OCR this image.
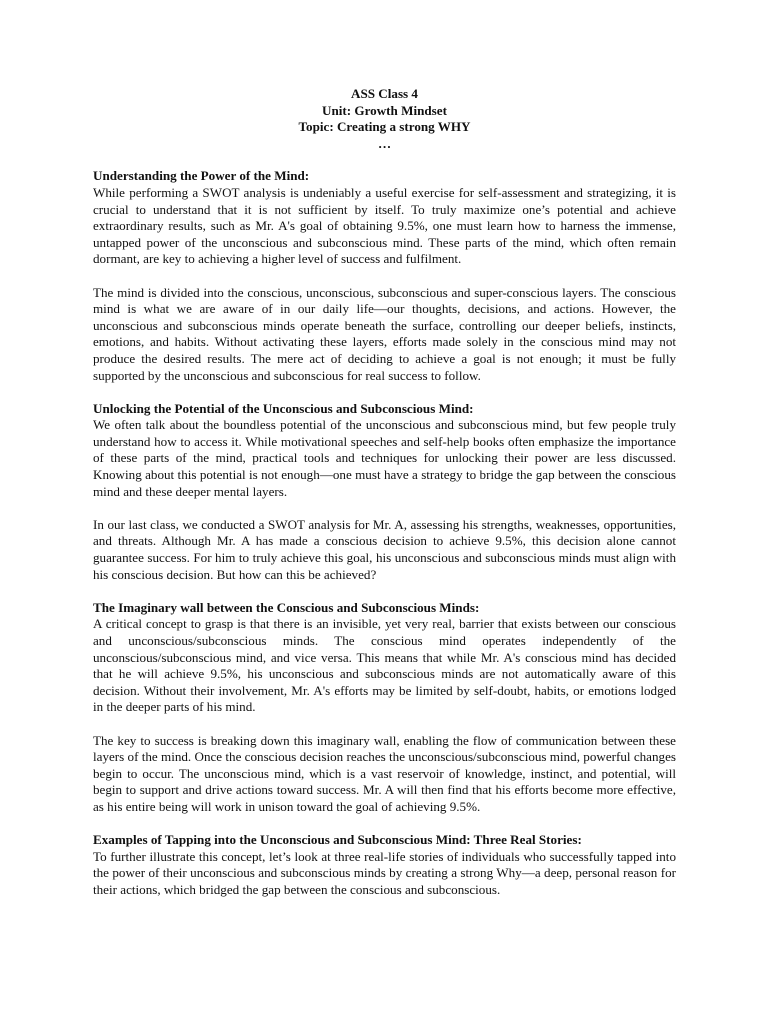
ASS Class 4
Unit: Growth Mindset
Topic: Creating a strong WHY
…
Understanding the Power of the Mind:

While performing a SWOT analysis is undeniably a useful exercise for self-assessment and strategizing, it is crucial to understand that it is not sufficient by itself. To truly maximize one’s potential and achieve extraordinary results, such as Mr. A's goal of obtaining 9.5%, one must learn how to harness the immense, untapped power of the unconscious and subconscious mind. These parts of the mind, which often remain dormant, are key to achieving a higher level of success and fulfilment.

The mind is divided into the conscious, unconscious, subconscious and super-conscious layers. The conscious mind is what we are aware of in our daily life—our thoughts, decisions, and actions. However, the unconscious and subconscious minds operate beneath the surface, controlling our deeper beliefs, instincts, emotions, and habits. Without activating these layers, efforts made solely in the conscious mind may not produce the desired results. The mere act of deciding to achieve a goal is not enough; it must be fully supported by the unconscious and subconscious for real success to follow.

Unlocking the Potential of the Unconscious and Subconscious Mind:

We often talk about the boundless potential of the unconscious and subconscious mind, but few people truly understand how to access it. While motivational speeches and self-help books often emphasize the importance of these parts of the mind, practical tools and techniques for unlocking their power are less discussed. Knowing about this potential is not enough—one must have a strategy to bridge the gap between the conscious mind and these deeper mental layers.

In our last class, we conducted a SWOT analysis for Mr. A, assessing his strengths, weaknesses, opportunities, and threats. Although Mr. A has made a conscious decision to achieve 9.5%, this decision alone cannot guarantee success. For him to truly achieve this goal, his unconscious and subconscious minds must align with his conscious decision. But how can this be achieved?

The Imaginary wall between the Conscious and Subconscious Minds:

A critical concept to grasp is that there is an invisible, yet very real, barrier that exists between our conscious and unconscious/subconscious minds. The conscious mind operates independently of the unconscious/subconscious mind, and vice versa. This means that while Mr. A's conscious mind has decided that he will achieve 9.5%, his unconscious and subconscious minds are not automatically aware of this decision. Without their involvement, Mr. A's efforts may be limited by self-doubt, habits, or emotions lodged in the deeper parts of his mind.

The key to success is breaking down this imaginary wall, enabling the flow of communication between these layers of the mind. Once the conscious decision reaches the unconscious/subconscious mind, powerful changes begin to occur. The unconscious mind, which is a vast reservoir of knowledge, instinct, and potential, will begin to support and drive actions toward success. Mr. A will then find that his efforts become more effective, as his entire being will work in unison toward the goal of achieving 9.5%.

Examples of Tapping into the Unconscious and Subconscious Mind: Three Real Stories:

To further illustrate this concept, let’s look at three real-life stories of individuals who successfully tapped into the power of their unconscious and subconscious minds by creating a strong Why—a deep, personal reason for their actions, which bridged the gap between the conscious and subconscious.
